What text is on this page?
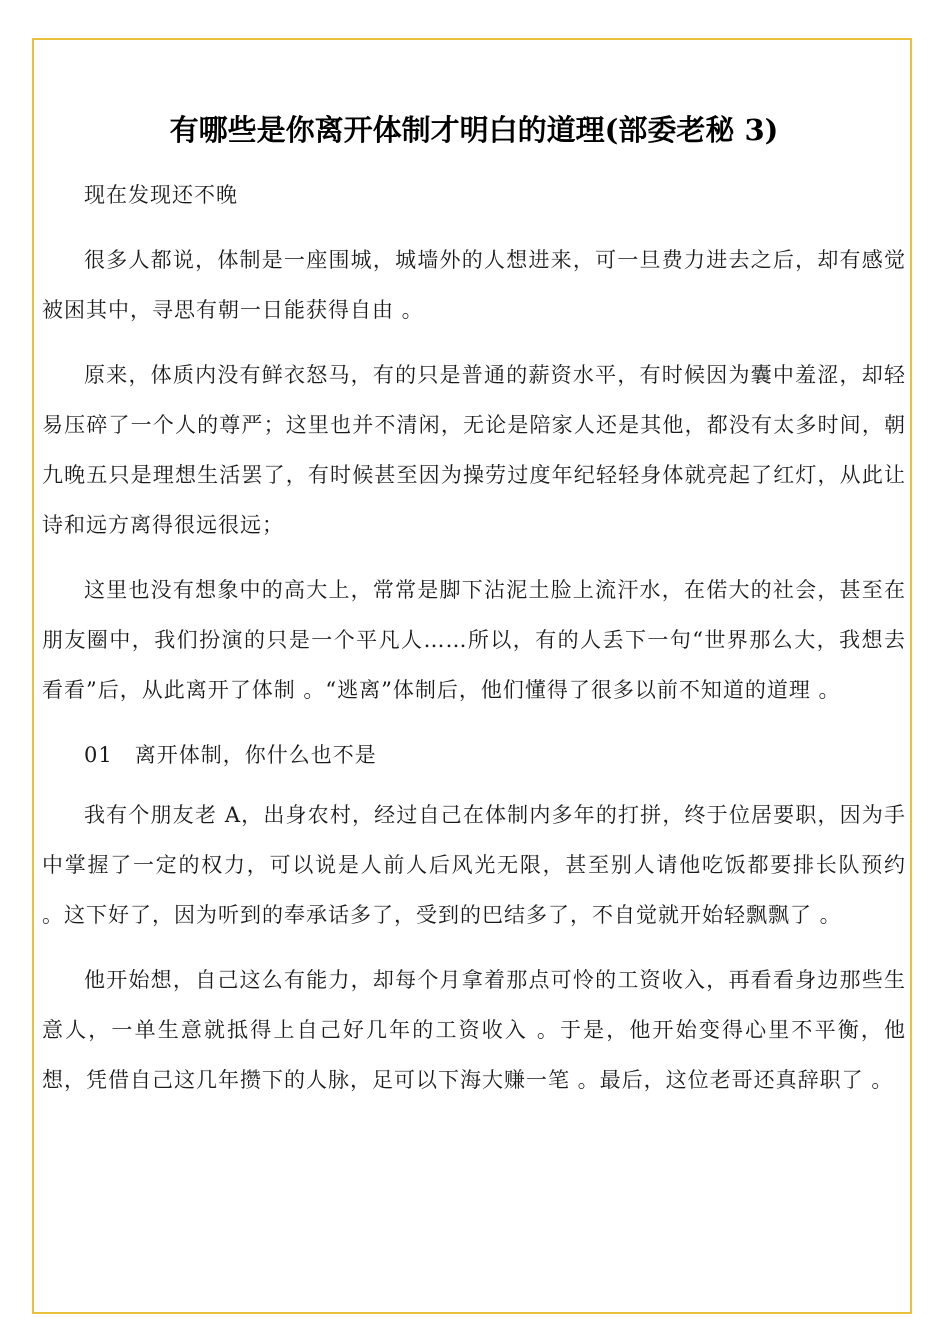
有哪些是你离开体制才明白的道理(部委老秘 3)

现在发现还不晚

很多人都说，体制是一座围城，城墙外的人想进来，可一旦费力进去之后，却有感觉被困其中，寻思有朝一日能获得自由 。

原来，体质内没有鲜衣怒马，有的只是普通的薪资水平，有时候因为囊中羞涩，却轻易压碎了一个人的尊严；这里也并不清闲，无论是陪家人还是其他，都没有太多时间，朝九晚五只是理想生活罢了，有时候甚至因为操劳过度年纪轻轻身体就亮起了红灯，从此让诗和远方离得很远很远；

这里也没有想象中的高大上，常常是脚下沾泥土脸上流汗水，在偌大的社会，甚至在朋友圈中，我们扮演的只是一个平凡人……所以，有的人丢下一句“世界那么大，我想去看看”后，从此离开了体制 。“逃离”体制后，他们懂得了很多以前不知道的道理 。

01　离开体制，你什么也不是

我有个朋友老 A，出身农村，经过自己在体制内多年的打拼，终于位居要职，因为手中掌握了一定的权力，可以说是人前人后风光无限，甚至别人请他吃饭都要排长队预约 。这下好了，因为听到的奉承话多了，受到的巴结多了，不自觉就开始轻飘飘了 。

他开始想，自己这么有能力，却每个月拿着那点可怜的工资收入，再看看身边那些生意人，一单生意就抵得上自己好几年的工资收入 。于是，他开始变得心里不平衡，他想，凭借自己这几年攒下的人脉，足可以下海大赚一笔 。最后，这位老哥还真辞职了 。
